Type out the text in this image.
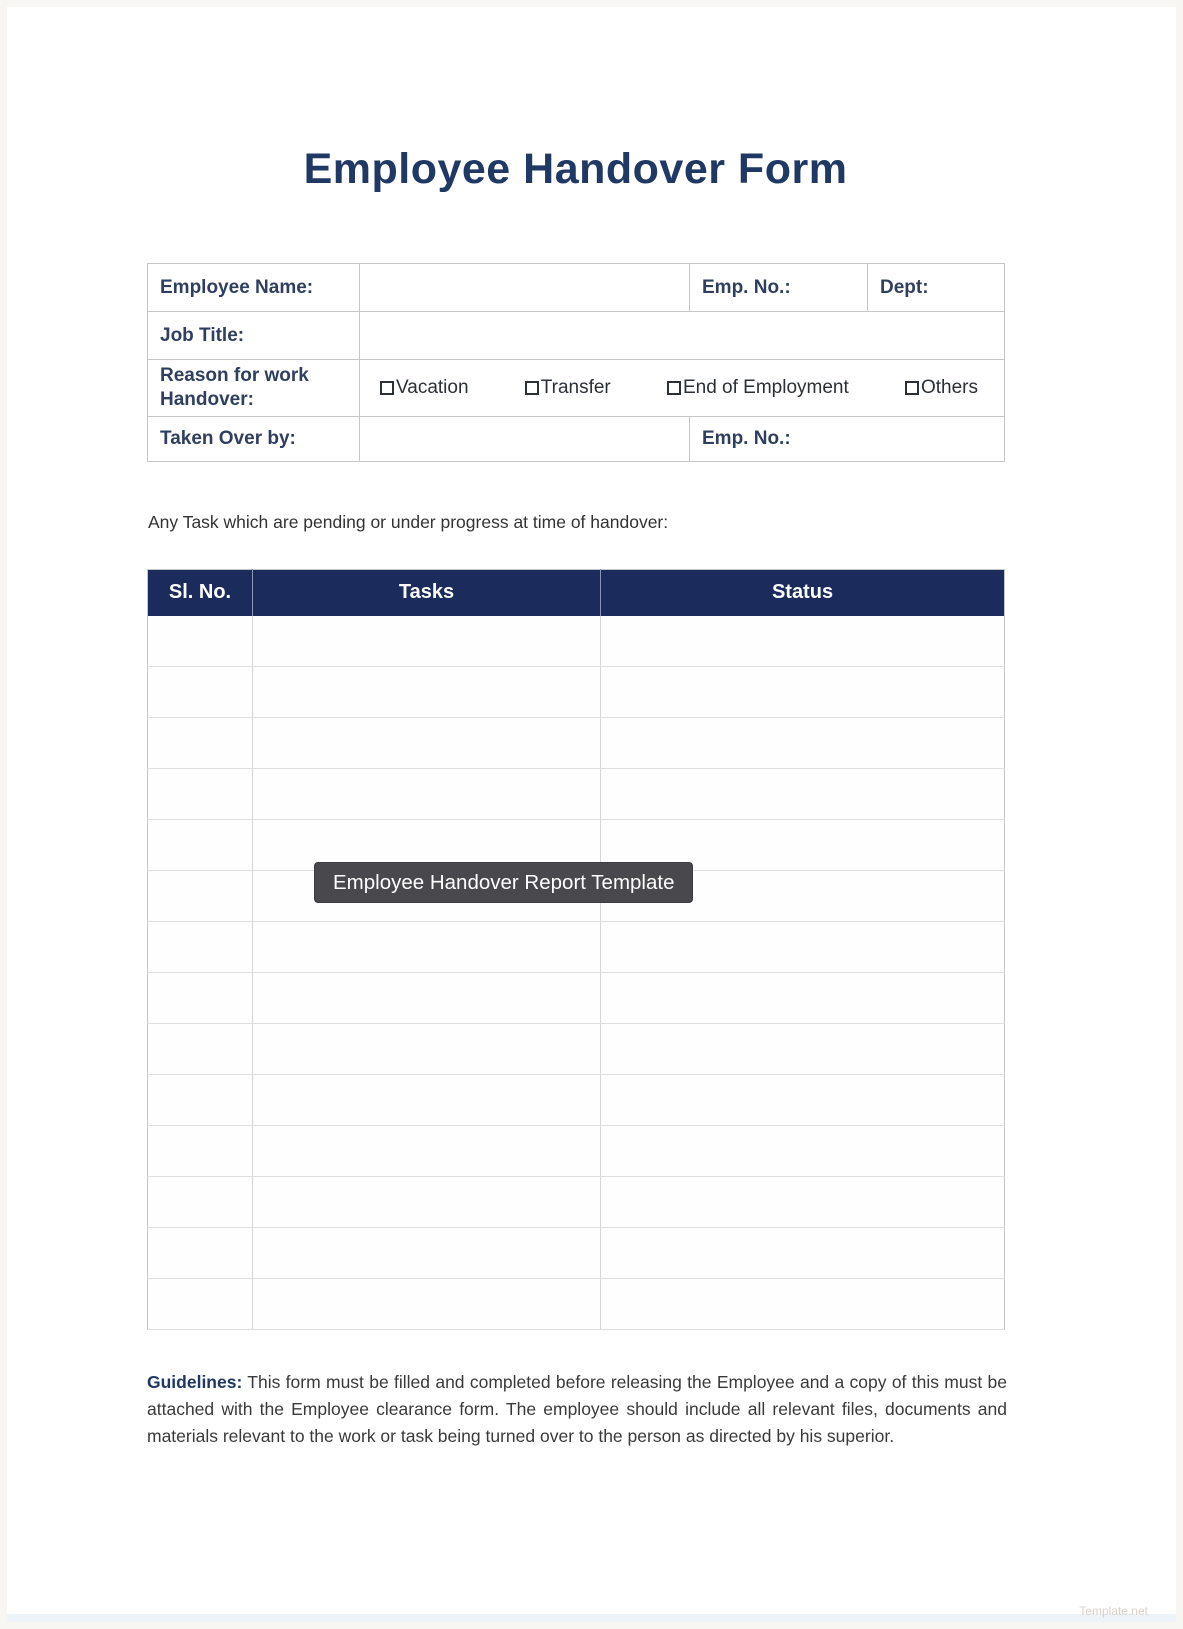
Employee Handover Form
Employee Name:		Emp. No.:	Dept:
Job Title:			
Reason for work Handover:	Vacation Transfer End of Employment Others		

Taken Over by:		Emp. No.:	
Any Task which are pending or under progress at time of handover:
Sl. No.	Tasks	Status

Employee Handover Report Template

Guidelines: This form must be filled and completed before releasing the Employee and a copy of this must be attached with the Employee clearance form. The employee should include all relevant files, documents and materials relevant to the work or task being turned over to the person as directed by his superior.

Template.net
